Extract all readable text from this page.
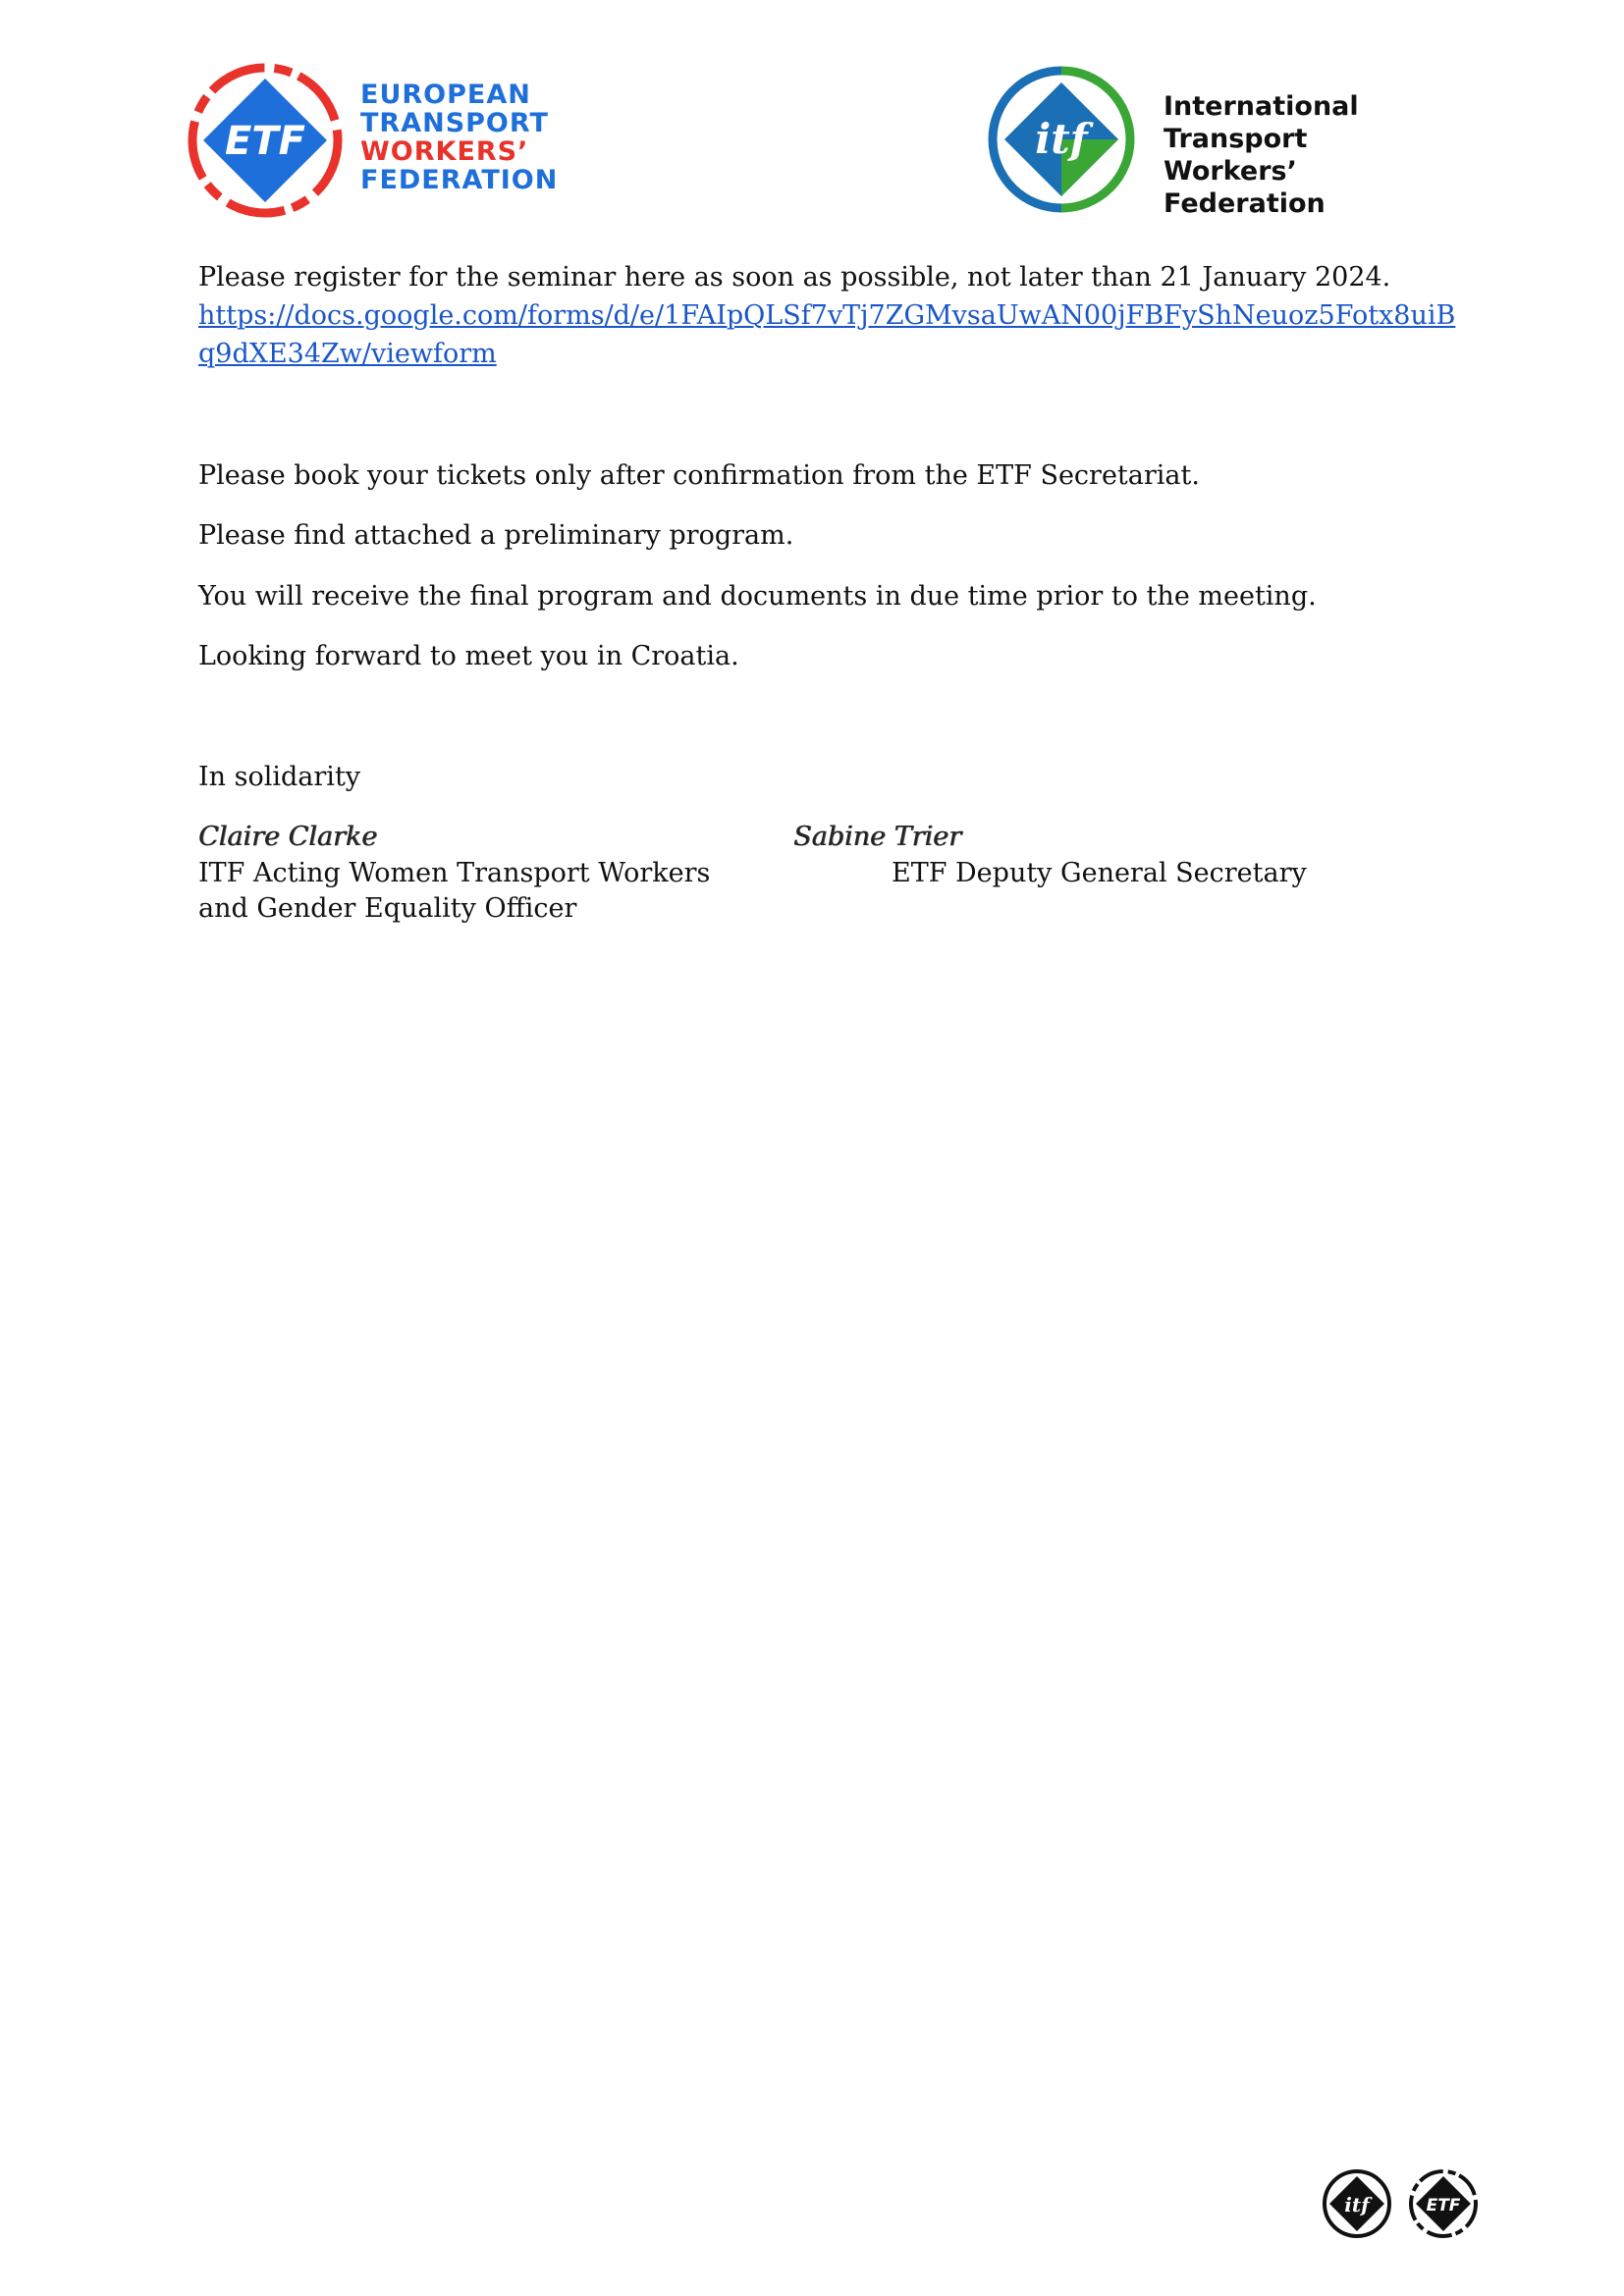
ETF
EUROPEAN
TRANSPORT
WORKERS’
FEDERATION
itf
International
Transport Workers’
Federation
Please register for the seminar here as soon as possible, not later than 21 January 2024.
https://docs.google.com/forms/d/e/1FAIpQLSf7vTj7ZGMvsaUwAN00jFBFyShNeuoz5Fotx8uiB
q9dXE34Zw/viewform
Please book your tickets only after confirmation from the ETF Secretariat.
Please find attached a preliminary program.
You will receive the final program and documents in due time prior to the meeting.
Looking forward to meet you in Croatia.
In solidarity
Claire Clarke
ITF Acting Women Transport Workers
and Gender Equality Officer
Sabine Trier
ETF Deputy General Secretary
itf	ETF
